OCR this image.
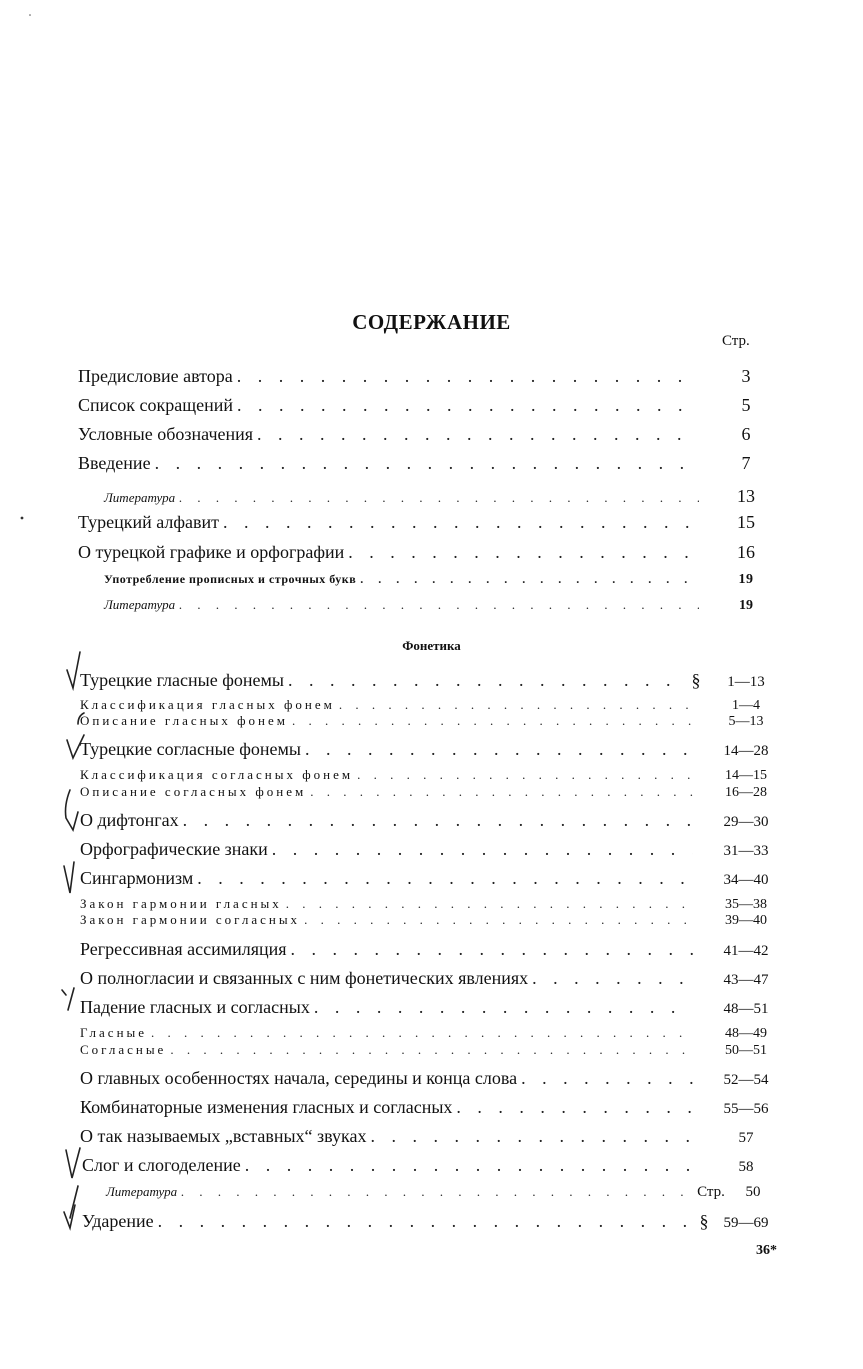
СОДЕРЖАНИЕ
Стр.
Предисловие автора . . .	3
Список сокращений . . .	5
Условные обозначения . . .	6
Введение . . .	7
Литература . . .	13
Турецкий алфавит . . .	15
О турецкой графике и орфографии . . .	16
Употребление прописных и строчных букв . . .	19
Литература . . .	19
Фонетика
Турецкие гласные фонемы . . .	§	1—13
Классификация гласных фонем . . .	1—4
Описание гласных фонем . . .	5—13
Турецкие согласные фонемы . . .	14—28
Классификация согласных фонем . . .	14—15
Описание согласных фонем . . .	16—28
О дифтонгах . . .	29—30
Орфографические знаки . . .	31—33
Сингармонизм . . .	34—40
Закон гармонии гласных . . .	35—38
Закон гармонии согласных . . .	39—40
Регрессивная ассимиляция . . .	41—42
О полногласии и связанных с ним фонетических явлениях . . .	43—47
Падение гласных и согласных . . .	48—51
Гласные . . .	48—49
Согласные . . .	50—51
О главных особенностях начала, середины и конца слова . . .	52—54
Комбинаторные изменения гласных и согласных . . .	55—56
О так называемых „вставных“ звуках . . .	57
Слог и слогоделение . . .	58
Литература . . .	Стр.	50
Ударение . . .	§	59—69
36*
